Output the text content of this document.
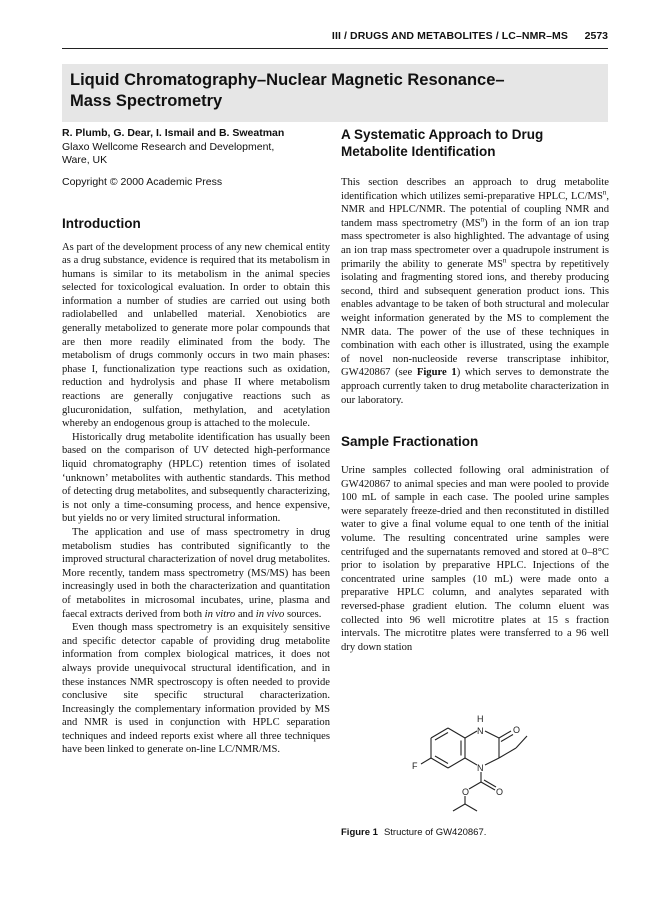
III / DRUGS AND METABOLITES / LC–NMR–MS 2573
Liquid Chromatography–Nuclear Magnetic Resonance–
Mass Spectrometry
R. Plumb, G. Dear, I. Ismail and B. Sweatman
Glaxo Wellcome Research and Development,
Ware, UK
Copyright © 2000 Academic Press
Introduction

As part of the development process of any new chemical entity as a drug substance, evidence is required that its metabolism in humans is similar to its metabolism in the animal species selected for toxicological evaluation. In order to obtain this information a number of studies are carried out using both radiolabelled and unlabelled material. Xenobiotics are generally metabolized to generate more polar compounds that are then more readily eliminated from the body. The metabolism of drugs commonly occurs in two main phases: phase I, functionalization type reactions such as oxidation, reduction and hydrolysis and phase II where metabolism reactions are generally conjugative reactions such as glucuronidation, sulfation, methylation, and acetylation whereby an endogenous group is attached to the molecule.

Historically drug metabolite identification has usually been based on the comparison of UV detected high-performance liquid chromatography (HPLC) retention times of isolated ‘unknown’ metabolites with authentic standards. This method of detecting drug metabolites, and subsequently characterizing, is not only a time-consuming process, and hence expensive, but yields no or very limited structural information.

The application and use of mass spectrometry in drug metabolism studies has contributed significantly to the improved structural characterization of novel drug metabolites. More recently, tandem mass spectrometry (MS/MS) has been increasingly used in both the characterization and quantitation of metabolites in microsomal incubates, urine, plasma and faecal extracts derived from both in vitro and in vivo sources.

Even though mass spectrometry is an exquisitely sensitive and specific detector capable of providing drug metabolite information from complex biological matrices, it does not always provide unequivocal structural identification, and in these instances NMR spectroscopy is often needed to provide conclusive site specific structural characterization. Increasingly the complementary information provided by MS and NMR is used in conjunction with HPLC separation techniques and indeed reports exist where all three techniques have been linked to generate on-line LC/NMR/MS.

A Systematic Approach to Drug
Metabolite Identification

This section describes an approach to drug metabolite identification which utilizes semi-preparative HPLC, $LC/MS^n$, NMR and HPLC/NMR. The potential of coupling NMR and tandem mass spectrometry $(MS^n)$ in the form of an ion trap mass spectrometer is also highlighted. The advantage of using an ion trap mass spectrometer over a quadrupole instrument is primarily the ability to generate $MS^n$ spectra by repetitively isolating and fragmenting stored ions, and thereby producing second, third and subsequent generation product ions. This enables advantage to be taken of both structural and molecular weight information generated by the MS to complement the NMR data. The power of the use of these techniques in combination with each other is illustrated, using the example of novel non-nucleoside reverse transcriptase inhibitor, GW420867 (see Figure 1) which serves to demonstrate the approach currently taken to drug metabolite characterization in our laboratory.

Sample Fractionation

Urine samples collected following oral administration of GW420867 to animal species and man were pooled to provide 100 mL of sample in each case. The pooled urine samples were separately freeze-dried and then reconstituted in distilled water to give a final volume equal to one tenth of the initial volume. The resulting concentrated urine samples were centrifuged and the supernatants removed and stored at 0–8°C prior to isolation by preparative HPLC. Injections of the concentrated urine samples (10 mL) were made onto a preparative HPLC column, and analytes separated with reversed-phase gradient elution. The column eluent was collected into 96 well microtitre plates at 15 s fraction intervals. The microtitre plates were transferred to a 96 well dry down station

H
N	O
N
O
O
F
Figure 1 Structure of GW420867.
